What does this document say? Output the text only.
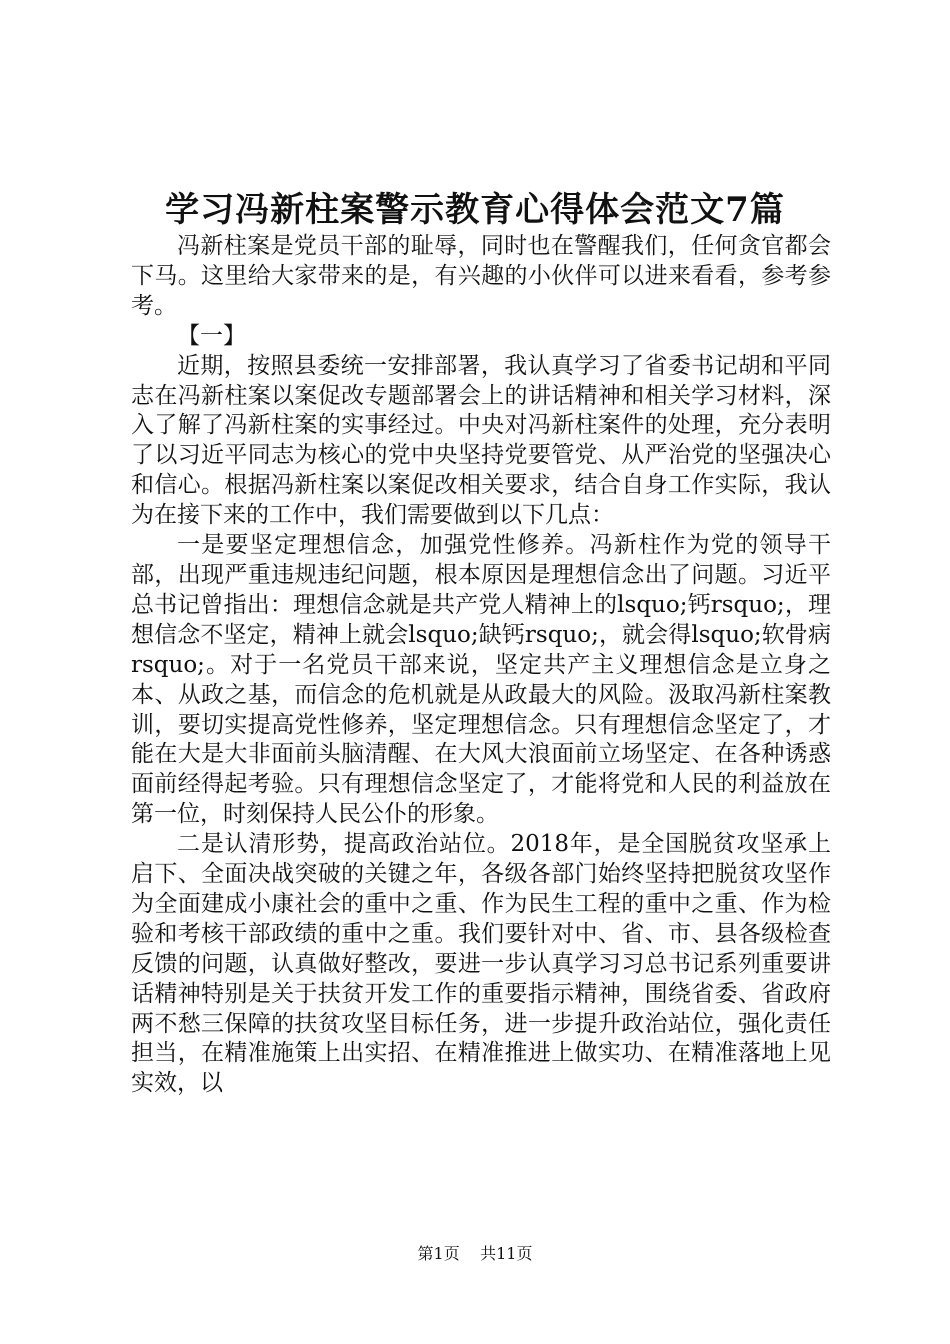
学习冯新柱案警示教育心得体会范文7篇

冯新柱案是党员干部的耻辱，同时也在警醒我们，任何贪官都会下马。这里给大家带来的是，有兴趣的小伙伴可以进来看看，参考参考。

【一】

近期，按照县委统一安排部署，我认真学习了省委书记胡和平同志在冯新柱案以案促改专题部署会上的讲话精神和相关学习材料，深入了解了冯新柱案的实事经过。中央对冯新柱案件的处理，充分表明了以习近平同志为核心的党中央坚持党要管党、从严治党的坚强决心和信心。根据冯新柱案以案促改相关要求，结合自身工作实际，我认为在接下来的工作中，我们需要做到以下几点：

一是要坚定理想信念，加强党性修养。冯新柱作为党的领导干部，出现严重违规违纪问题，根本原因是理想信念出了问题。习近平总书记曾指出：理想信念就是共产党人精神上的lsquo;钙rsquo;，理想信念不坚定，精神上就会lsquo;缺钙rsquo;，就会得lsquo;软骨病rsquo;。对于一名党员干部来说，坚定共产主义理想信念是立身之本、从政之基，而信念的危机就是从政最大的风险。汲取冯新柱案教训，要切实提高党性修养，坚定理想信念。只有理想信念坚定了，才能在大是大非面前头脑清醒、在大风大浪面前立场坚定、在各种诱惑面前经得起考验。只有理想信念坚定了，才能将党和人民的利益放在第一位，时刻保持人民公仆的形象。

二是认清形势，提高政治站位。2018年，是全国脱贫攻坚承上启下、全面决战突破的关键之年，各级各部门始终坚持把脱贫攻坚作为全面建成小康社会的重中之重、作为民生工程的重中之重、作为检验和考核干部政绩的重中之重。我们要针对中、省、市、县各级检查反馈的问题，认真做好整改，要进一步认真学习习总书记系列重要讲话精神特别是关于扶贫开发工作的重要指示精神，围绕省委、省政府两不愁三保障的扶贫攻坚目标任务，进一步提升政治站位，强化责任担当，在精准施策上出实招、在精准推进上做实功、在精准落地上见实效，以

第1页 共11页
